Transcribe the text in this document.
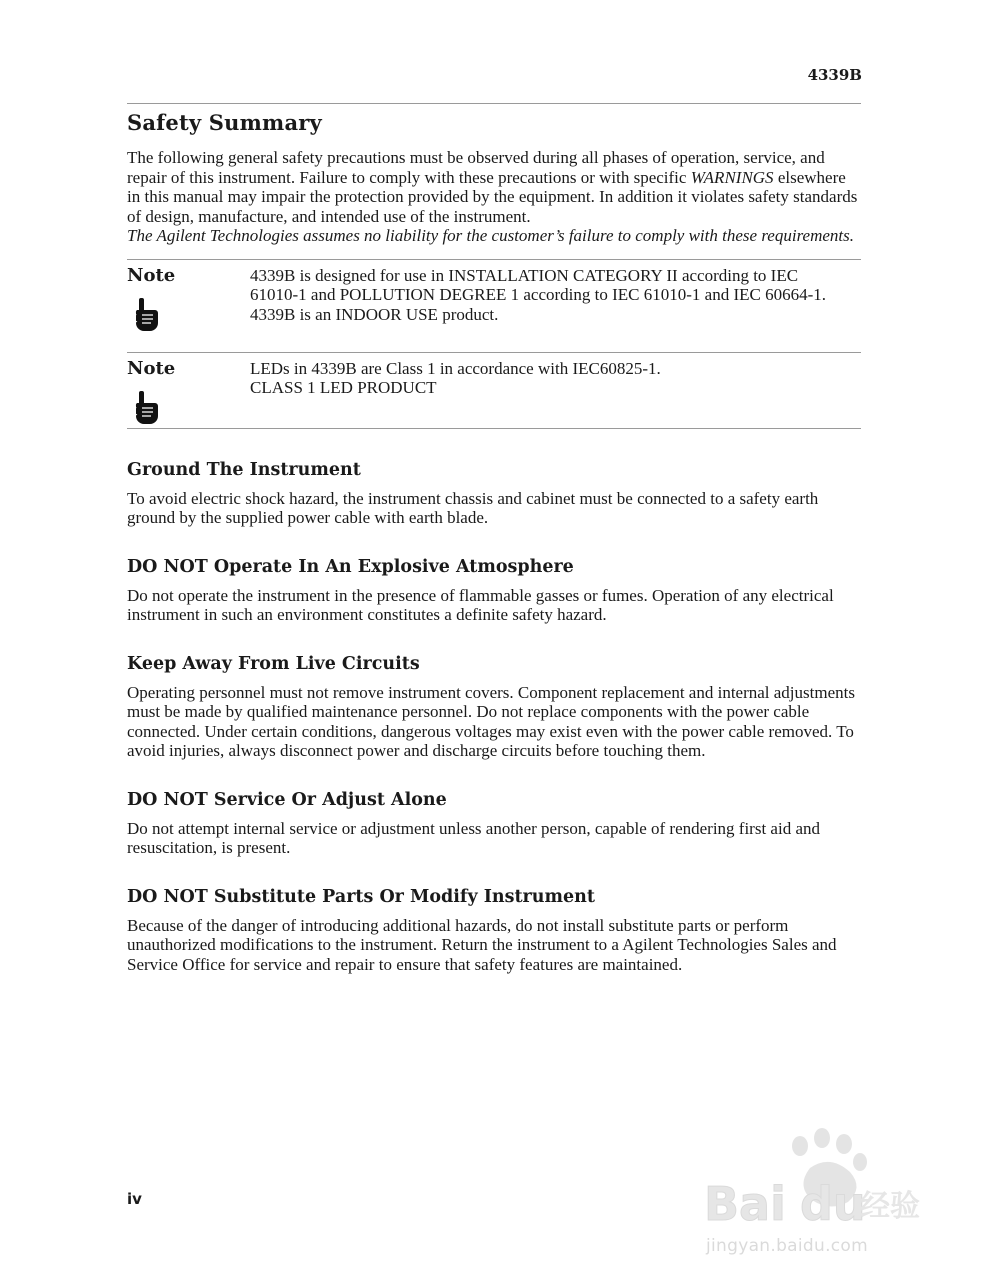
4339B
Safety Summary

The following general safety precautions must be observed during all phases of operation, service, and repair of this instrument. Failure to comply with these precautions or with specific WARNINGS elsewhere in this manual may impair the protection provided by the equipment. In addition it violates safety standards of design, manufacture, and intended use of the instrument.

The Agilent Technologies assumes no liability for the customer’s failure to comply with these requirements.

Note	4339B is designed for use in INSTALLATION CATEGORY II according to IEC

61010-1 and POLLUTION DEGREE 1 according to IEC 61010-1 and IEC 60664-1.

4339B is an INDOOR USE product.

Note	LEDs in 4339B are Class 1 in accordance with IEC60825-1.

CLASS 1 LED PRODUCT

Ground The Instrument

To avoid electric shock hazard, the instrument chassis and cabinet must be connected to a safety earth ground by the supplied power cable with earth blade.

DO NOT Operate In An Explosive Atmosphere

Do not operate the instrument in the presence of flammable gasses or fumes. Operation of any electrical instrument in such an environment constitutes a definite safety hazard.

Keep Away From Live Circuits

Operating personnel must not remove instrument covers. Component replacement and internal adjustments must be made by qualified maintenance personnel. Do not replace components with the power cable connected. Under certain conditions, dangerous voltages may exist even with the power cable removed. To avoid injuries, always disconnect power and discharge circuits before touching them.

DO NOT Service Or Adjust Alone

Do not attempt internal service or adjustment unless another person, capable of rendering first aid and resuscitation, is present.

DO NOT Substitute Parts Or Modify Instrument

Because of the danger of introducing additional hazards, do not install substitute parts or perform unauthorized modifications to the instrument. Return the instrument to a Agilent Technologies Sales and Service Office for service and repair to ensure that safety features are maintained.

iv	Bai du
经验
jingyan.baidu.com
